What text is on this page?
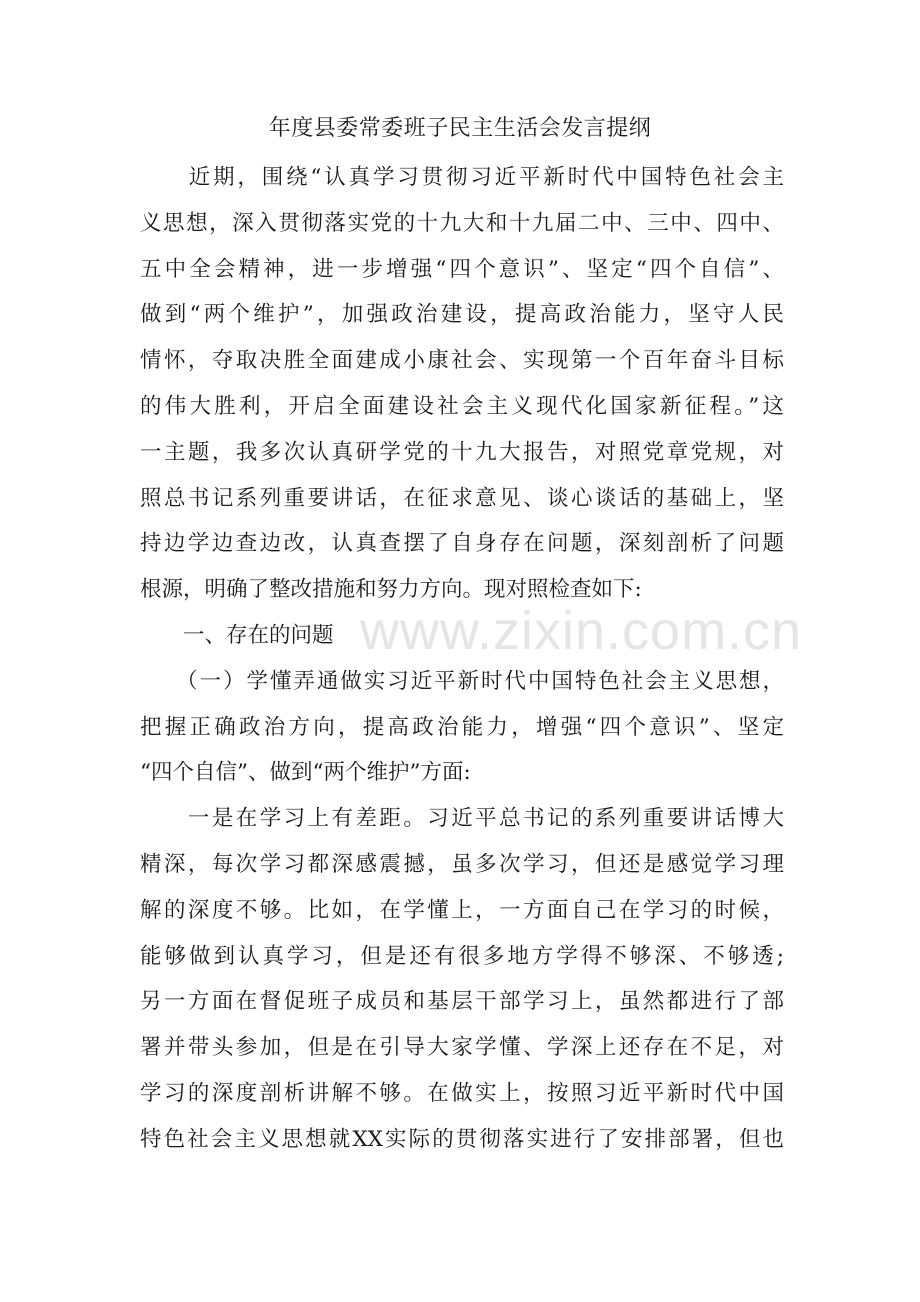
年度县委常委班子民主生活会发言提纲
　　近期，围绕“认真学习贯彻习近平新时代中国特色社会主
义思想，深入贯彻落实党的十九大和十九届二中、三中、四中、
五中全会精神，进一步增强“四个意识”、坚定“四个自信”、
做到“两个维护”，加强政治建设，提高政治能力，坚守人民
情怀，夺取决胜全面建成小康社会、实现第一个百年奋斗目标
的伟大胜利，开启全面建设社会主义现代化国家新征程。”这
一主题，我多次认真研学党的十九大报告，对照党章党规，对
照总书记系列重要讲话，在征求意见、谈心谈话的基础上，坚
持边学边查边改，认真查摆了自身存在问题，深刻剖析了问题
根源，明确了整改措施和努力方向。现对照检查如下:
　　一、存在的问题
　　（一）学懂弄通做实习近平新时代中国特色社会主义思想，
把握正确政治方向，提高政治能力，增强“四个意识”、坚定
“四个自信”、做到“两个维护”方面:
　　一是在学习上有差距。习近平总书记的系列重要讲话博大
精深，每次学习都深感震撼，虽多次学习，但还是感觉学习理
解的深度不够。比如，在学懂上，一方面自己在学习的时候，
能够做到认真学习，但是还有很多地方学得不够深、不够透;
另一方面在督促班子成员和基层干部学习上，虽然都进行了部
署并带头参加，但是在引导大家学懂、学深上还存在不足，对
学习的深度剖析讲解不够。在做实上，按照习近平新时代中国
特色社会主义思想就XX实际的贯彻落实进行了安排部署，但也
www.zixin.com.cn
